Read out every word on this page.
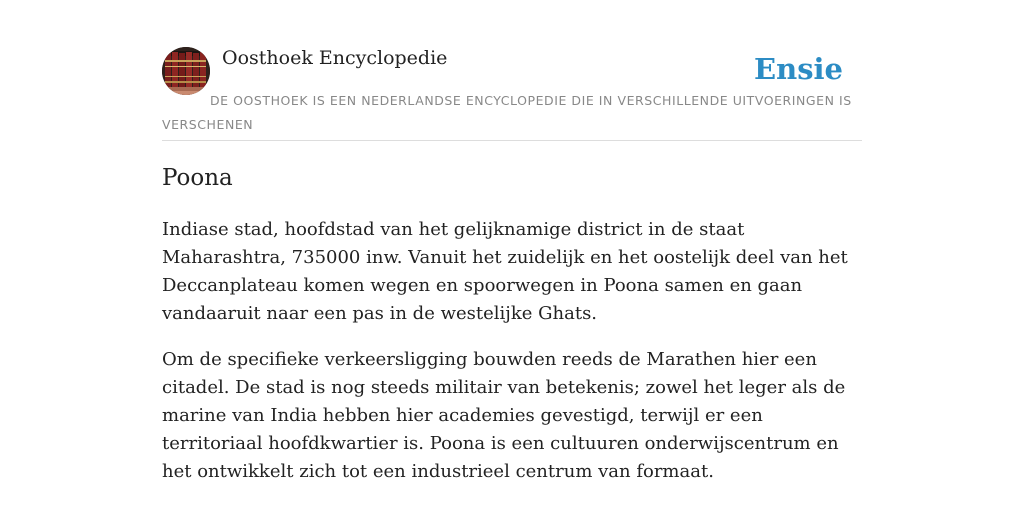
Oosthoek Encyclopedie	Ensie
DE OOSTHOEK IS EEN NEDERLANDSE ENCYCLOPEDIE DIE IN VERSCHILLENDE UITVOERINGEN IS VERSCHENEN
Poona

Indiase stad, hoofdstad van het gelijknamige district in de staat Maharashtra, 735000 inw. Vanuit het zuidelijk en het oostelijk deel van het Deccanplateau komen wegen en spoorwegen in Poona samen en gaan vandaaruit naar een pas in de westelijke Ghats.

Om de specifieke verkeersligging bouwden reeds de Marathen hier een citadel. De stad is nog steeds militair van betekenis; zowel het leger als de marine van India hebben hier academies gevestigd, terwijl er een territoriaal hoofdkwartier is. Poona is een cultuuren onderwijscentrum en het ontwikkelt zich tot een industrieel centrum van formaat.
